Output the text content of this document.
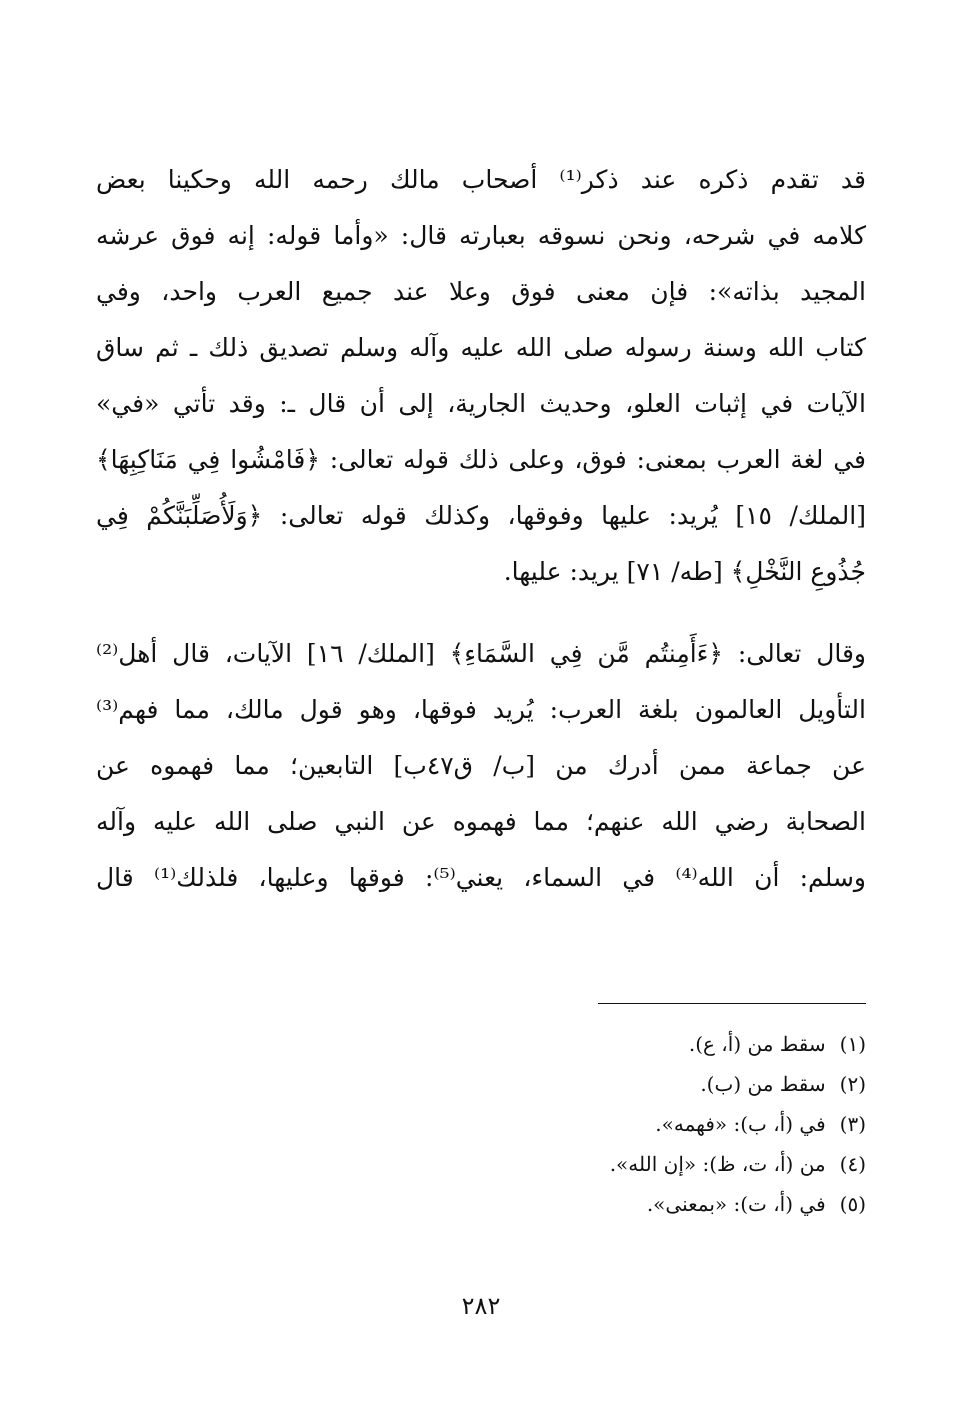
قد تقدم ذكره عند ذكر⁽¹⁾ أصحاب مالك رحمه الله وحكينا بعض
كلامه في شرحه، ونحن نسوقه بعبارته قال: «وأما قوله: إنه فوق عرشه
المجيد بذاته»: فإن معنى فوق وعلا عند جميع العرب واحد، وفي
كتاب الله وسنة رسوله صلى الله عليه وآله وسلم تصديق ذلك ـ ثم ساق
الآيات في إثبات العلو، وحديث الجارية، إلى أن قال ـ: وقد تأتي «في»
في لغة العرب بمعنى: فوق، وعلى ذلك قوله تعالى: ﴿فَامْشُوا فِي مَنَاكِبِهَا﴾
[الملك/ ١٥] يُريد: عليها وفوقها، وكذلك قوله تعالى: ﴿وَلَأُصَلِّبَنَّكُمْ فِي
جُذُوعِ النَّخْلِ﴾ [طه/ ٧١] يريد: عليها.
وقال تعالى: ﴿ءَأَمِنتُم مَّن فِي السَّمَاءِ﴾ [الملك/ ١٦] الآيات، قال أهل⁽²⁾
التأويل العالمون بلغة العرب: يُريد فوقها، وهو قول مالك، مما فهم⁽³⁾
عن جماعة ممن أدرك من [ب/ ق٤٧ب] التابعين؛ مما فهموه عن
الصحابة رضي الله عنهم؛ مما فهموه عن النبي صلى الله عليه وآله
وسلم: أن الله⁽⁴⁾ في السماء، يعني⁽⁵⁾: فوقها وعليها، فلذلك⁽¹⁾ قال
(١) سقط من (أ، ع).
(٢) سقط من (ب).
(٣) في (أ، ب): «فهمه».
(٤) من (أ، ت، ظ): «إن الله».
(٥) في (أ، ت): «بمعنى».
٢٨٢
